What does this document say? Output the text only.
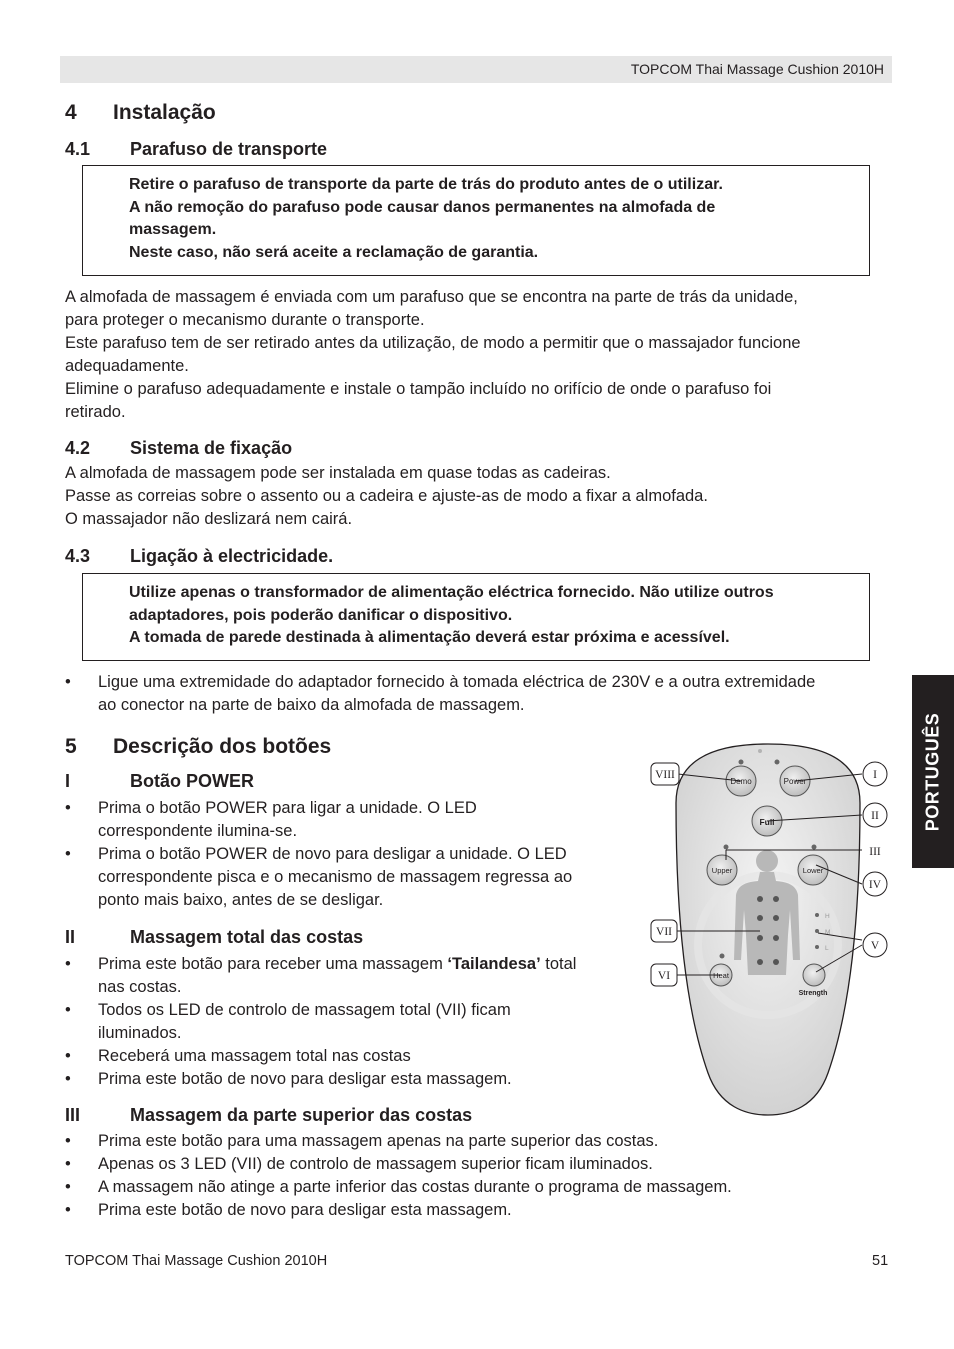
TOPCOM Thai Massage Cushion 2010H
PORTUGUÊS
4 Instalação
4.1 Parafuso de transporte
Retire o parafuso de transporte da parte de trás do produto antes de o utilizar.
A não remoção do parafuso pode causar danos permanentes na almofada de
massagem.
Neste caso, não será aceite a reclamação de garantia.
A almofada de massagem é enviada com um parafuso que se encontra na parte de trás da unidade,
para proteger o mecanismo durante o transporte.
Este parafuso tem de ser retirado antes da utilização, de modo a permitir que o massajador funcione
adequadamente.
Elimine o parafuso adequadamente e instale o tampão incluído no orifício de onde o parafuso foi
retirado.
4.2 Sistema de fixação
A almofada de massagem pode ser instalada em quase todas as cadeiras.
Passe as correias sobre o assento ou a cadeira e ajuste-as de modo a fixar a almofada.
O massajador não deslizará nem cairá.
4.3 Ligação à electricidade.
Utilize apenas o transformador de alimentação eléctrica fornecido. Não utilize outros
adaptadores, pois poderão danificar o dispositivo.
A tomada de parede destinada à alimentação deverá estar próxima e acessível.
• Ligue uma extremidade do adaptador fornecido à tomada eléctrica de 230V e a outra extremidade
ao conector na parte de baixo da almofada de massagem.
5 Descrição dos botões
I	Botão POWER
• Prima o botão POWER para ligar a unidade. O LED
correspondente ilumina-se.
• Prima o botão POWER de novo para desligar a unidade. O LED
correspondente pisca e o mecanismo de massagem regressa ao
ponto mais baixo, antes de se desligar.
II	Massagem total das costas
• Prima este botão para receber uma massagem ‘Tailandesa’ total
nas costas.
• Todos os LED de controlo de massagem total (VII) ficam
iluminados.
• Receberá uma massagem total nas costas
• Prima este botão de novo para desligar esta massagem.
III	Massagem da parte superior das costas
• Prima este botão para uma massagem apenas na parte superior das costas.
• Apenas os 3 LED (VII) de controlo de massagem superior ficam iluminados.
• A massagem não atinge a parte inferior das costas durante o programa de massagem.
• Prima este botão de novo para desligar esta massagem.
Demo	Power
Full
Upper	Lower
H
M
L
Heat
Strength
VIII	I
II
III
IV
V
VII
VI
TOPCOM Thai Massage Cushion 2010H	51
